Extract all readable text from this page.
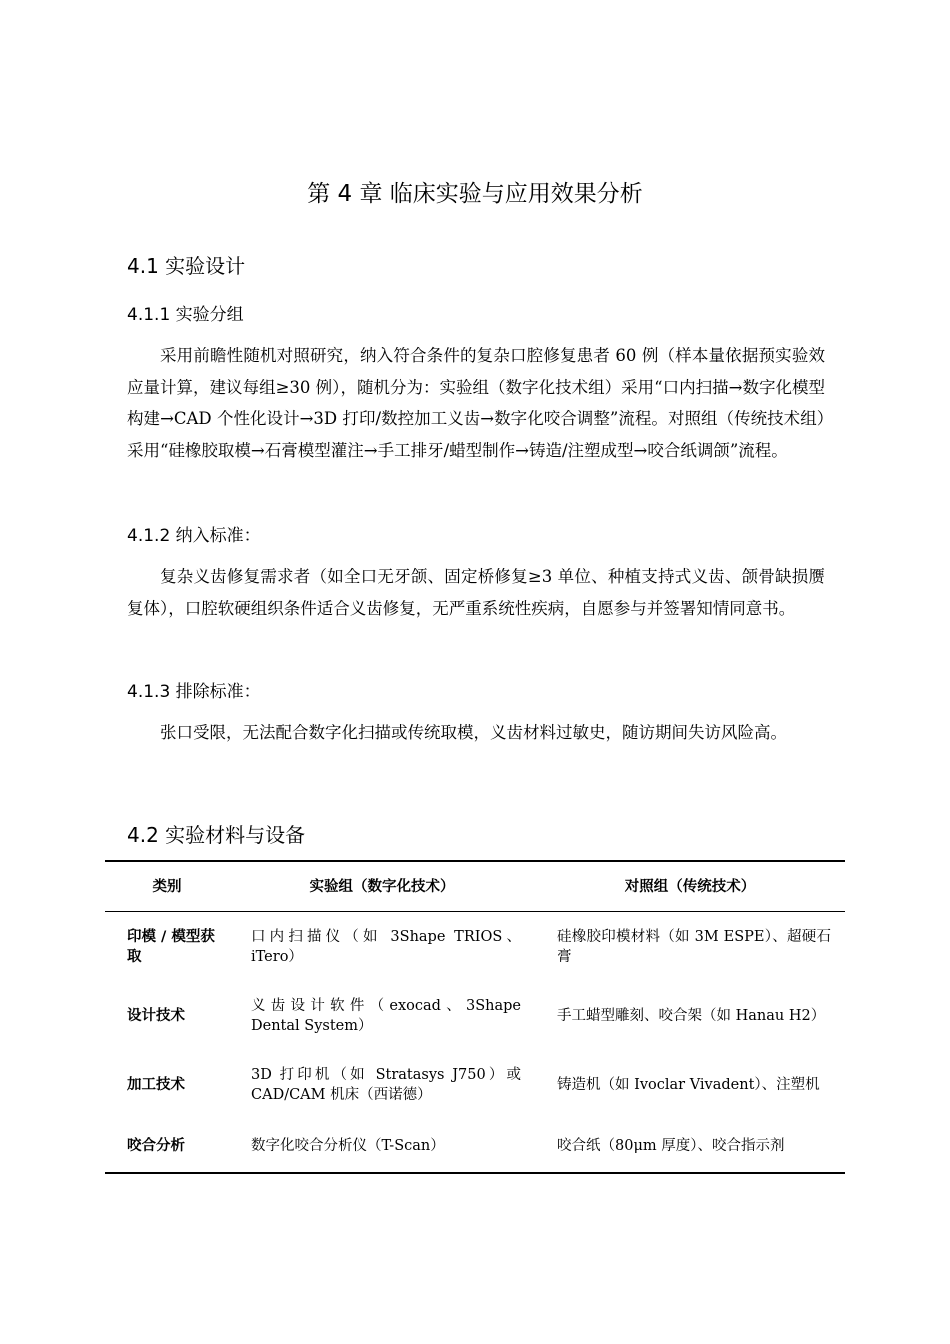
第 4 章 临床实验与应用效果分析
4.1 实验设计
4.1.1 实验分组

采用前瞻性随机对照研究，纳入符合条件的复杂口腔修复患者 60 例（样本量依据预实验效应量计算，建议每组≥30 例），随机分为：实验组（数字化技术组）采用“口内扫描→数字化模型构建→CAD 个性化设计→3D 打印/数控加工义齿→数字化咬合调整”流程。对照组（传统技术组）采用“硅橡胶取模→石膏模型灌注→手工排牙/蜡型制作→铸造/注塑成型→咬合纸调颌”流程。

4.1.2 纳入标准：

复杂义齿修复需求者（如全口无牙颌、固定桥修复≥3 单位、种植支持式义齿、颌骨缺损赝复体），口腔软硬组织条件适合义齿修复，无严重系统性疾病，自愿参与并签署知情同意书。

4.1.3 排除标准：

张口受限，无法配合数字化扫描或传统取模，义齿材料过敏史，随访期间失访风险高。

4.2 实验材料与设备
类别	实验组（数字化技术）	对照组（传统技术）
印模 / 模型获取	口内扫描仪（如 3Shape TRIOS、iTero）	硅橡胶印模材料（如 3M ESPE）、超硬石膏
设计技术	义齿设计软件（exocad、3Shape Dental System）	手工蜡型雕刻、咬合架（如 Hanau H2）
加工技术	3D 打印机（如 Stratasys J750）或 CAD/CAM 机床（西诺德）	铸造机（如 Ivoclar Vivadent）、注塑机
咬合分析	数字化咬合分析仪（T-Scan）	咬合纸（80μm 厚度）、咬合指示剂
